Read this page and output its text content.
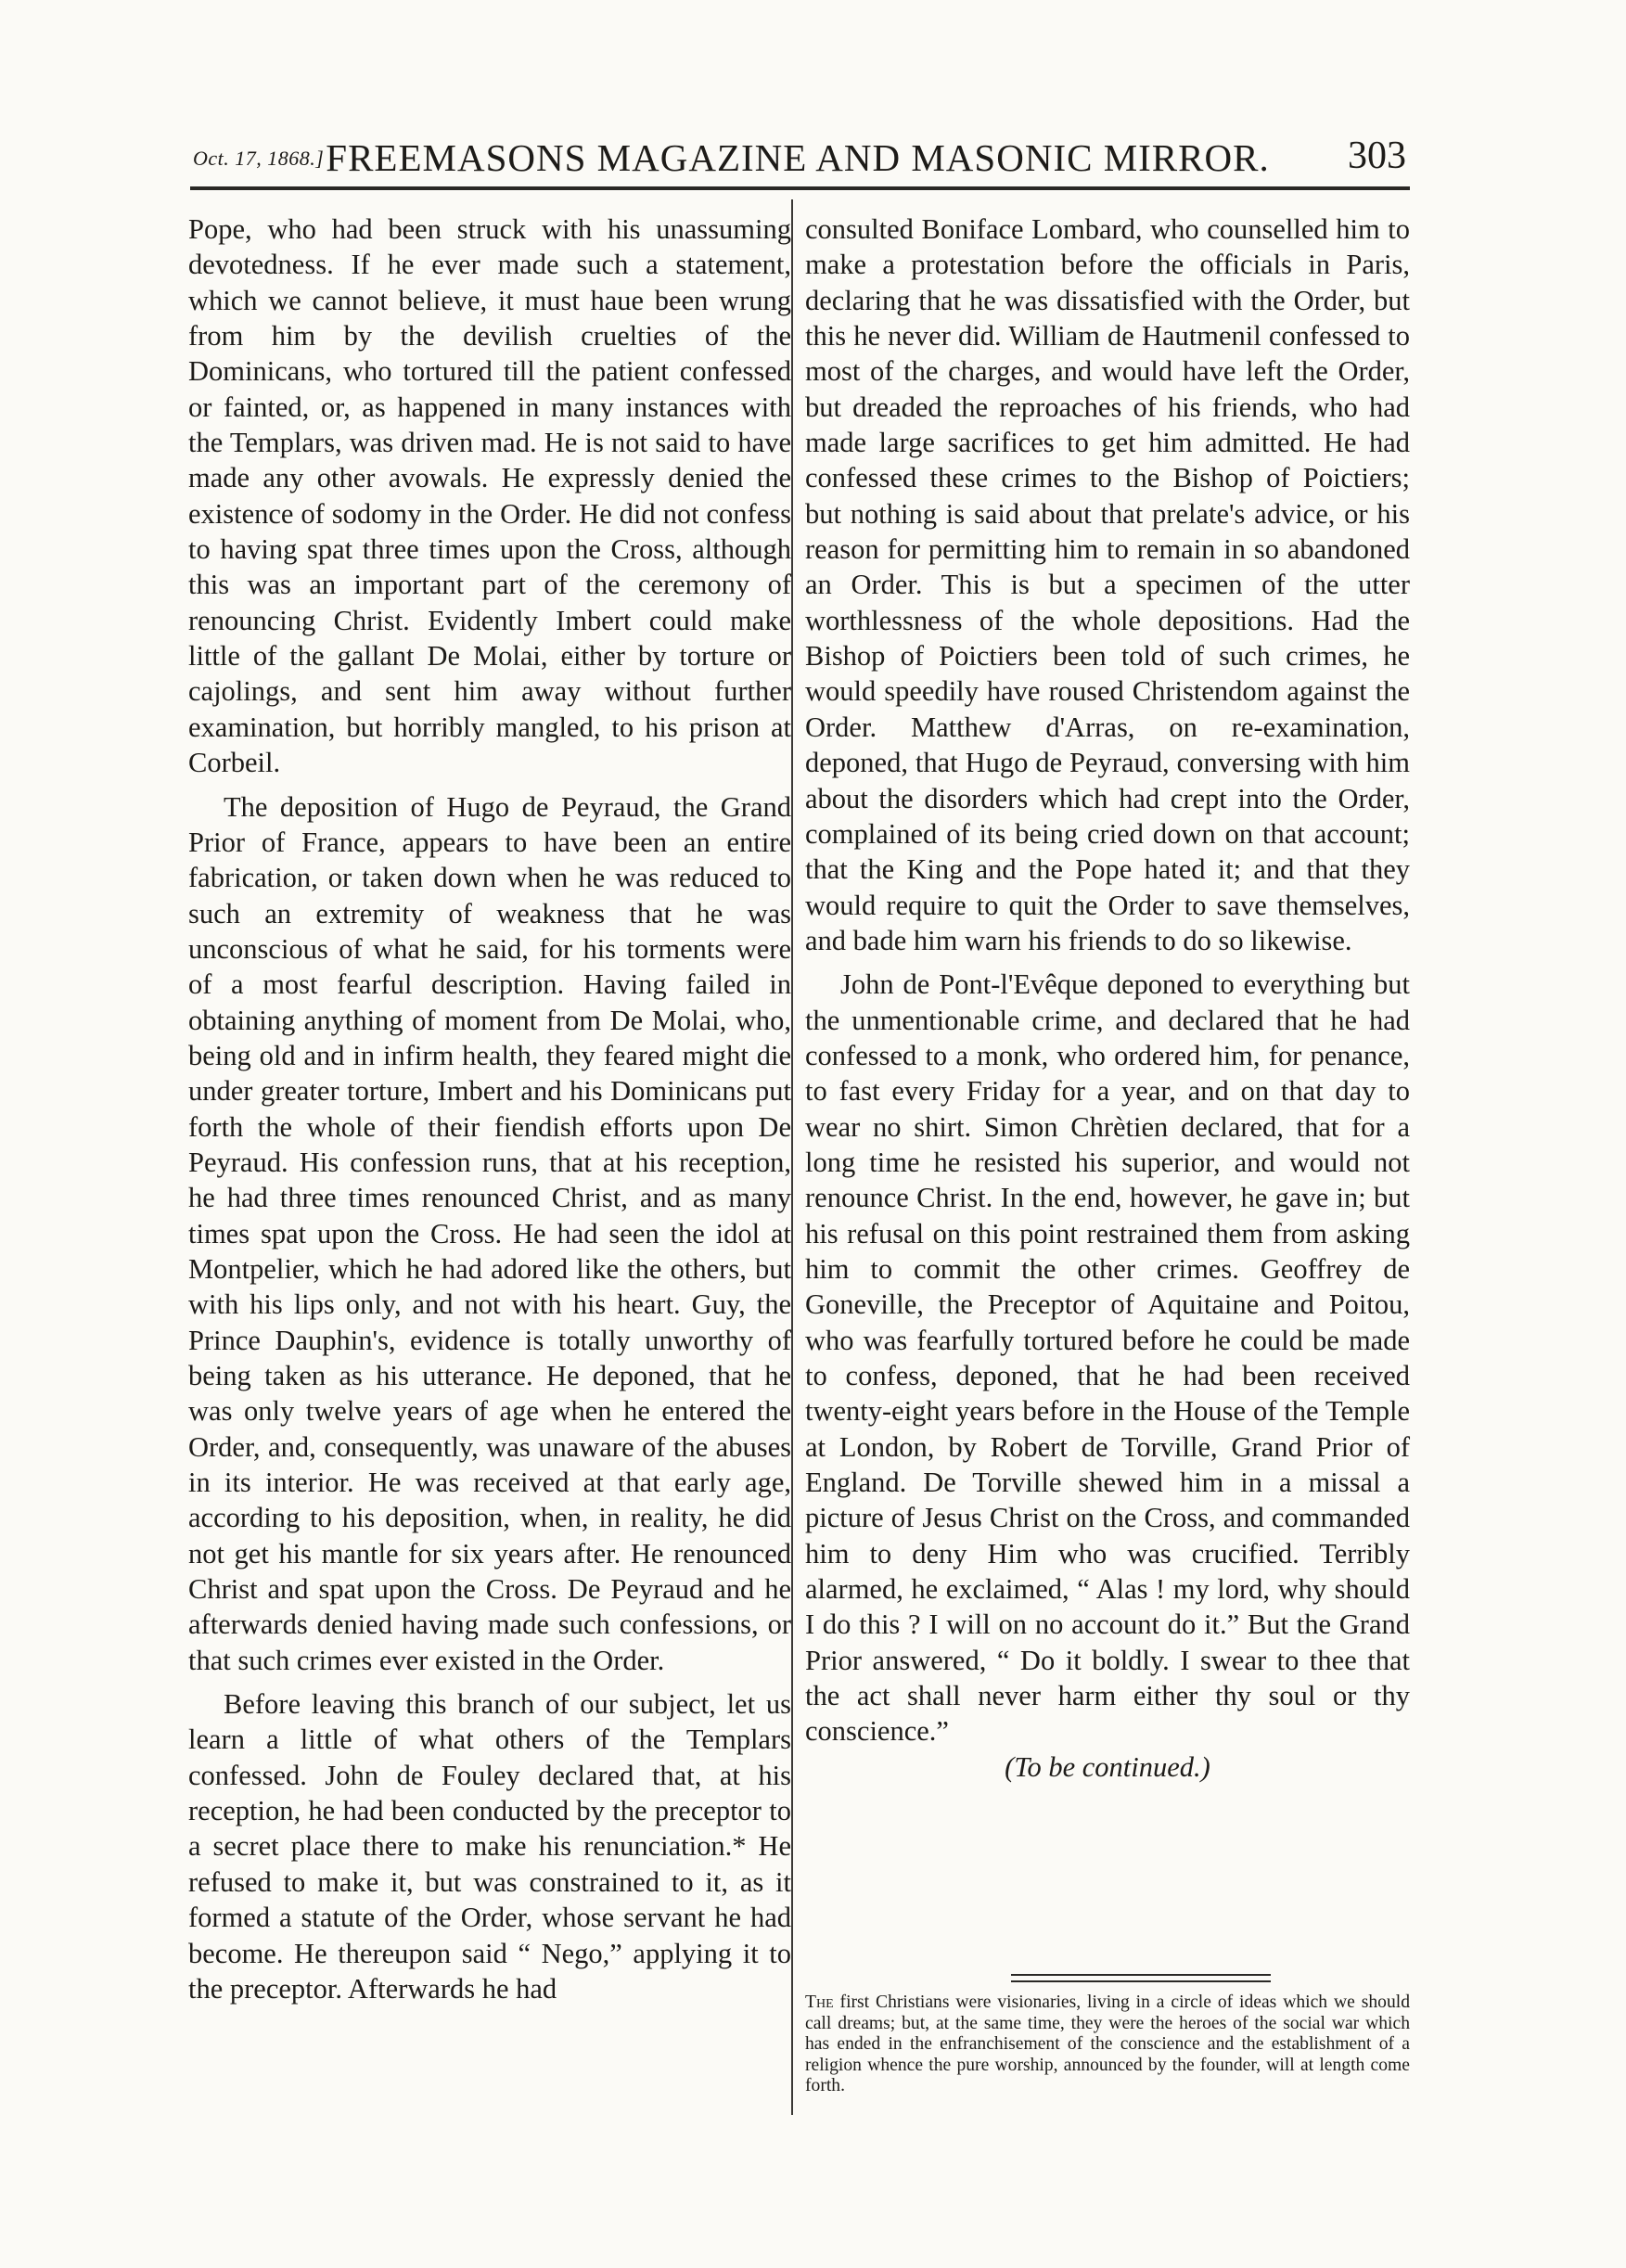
Oct. 17, 1868.] FREEMASONS MAGAZINE AND MASONIC MIRROR.	303

Pope, who had been struck with his unassuming devotedness. If he ever made such a statement, which we cannot believe, it must haue been wrung from him by the devilish cruelties of the Dominicans, who tortured till the patient confessed or fainted, or, as happened in many instances with the Templars, was driven mad. He is not said to have made any other avowals. He expressly denied the existence of sodomy in the Order. He did not confess to having spat three times upon the Cross, although this was an important part of the ceremony of renouncing Christ. Evidently Imbert could make little of the gallant De Molai, either by torture or cajolings, and sent him away without further examination, but horribly mangled, to his prison at Corbeil.

The deposition of Hugo de Peyraud, the Grand Prior of France, appears to have been an entire fabrication, or taken down when he was reduced to such an extremity of weakness that he was unconscious of what he said, for his torments were of a most fearful description. Having failed in obtaining anything of moment from De Molai, who, being old and in infirm health, they feared might die under greater torture, Imbert and his Dominicans put forth the whole of their fiendish efforts upon De Peyraud. His confession runs, that at his reception, he had three times renounced Christ, and as many times spat upon the Cross. He had seen the idol at Montpelier, which he had adored like the others, but with his lips only, and not with his heart. Guy, the Prince Dauphin's, evidence is totally unworthy of being taken as his utterance. He deponed, that he was only twelve years of age when he entered the Order, and, consequently, was unaware of the abuses in its interior. He was received at that early age, according to his deposition, when, in reality, he did not get his mantle for six years after. He renounced Christ and spat upon the Cross. De Peyraud and he afterwards denied having made such confessions, or that such crimes ever existed in the Order.

Before leaving this branch of our subject, let us learn a little of what others of the Templars confessed. John de Fouley declared that, at his reception, he had been conducted by the preceptor to a secret place there to make his renunciation.* He refused to make it, but was constrained to it, as it formed a statute of the Order, whose servant he had become. He thereupon said “ Nego,” applying it to the preceptor. Afterwards he had

consulted Boniface Lombard, who counselled him to make a protestation before the officials in Paris, declaring that he was dissatisfied with the Order, but this he never did. William de Hautmenil confessed to most of the charges, and would have left the Order, but dreaded the reproaches of his friends, who had made large sacrifices to get him admitted. He had confessed these crimes to the Bishop of Poictiers; but nothing is said about that prelate's advice, or his reason for permitting him to remain in so abandoned an Order. This is but a specimen of the utter worthlessness of the whole depositions. Had the Bishop of Poictiers been told of such crimes, he would speedily have roused Christendom against the Order. Matthew d'Arras, on re-examination, deponed, that Hugo de Peyraud, conversing with him about the disorders which had crept into the Order, complained of its being cried down on that account; that the King and the Pope hated it; and that they would require to quit the Order to save themselves, and bade him warn his friends to do so likewise.

John de Pont-l'Evêque deponed to everything but the unmentionable crime, and declared that he had confessed to a monk, who ordered him, for penance, to fast every Friday for a year, and on that day to wear no shirt. Simon Chrètien declared, that for a long time he resisted his superior, and would not renounce Christ. In the end, however, he gave in; but his refusal on this point restrained them from asking him to commit the other crimes. Geoffrey de Goneville, the Preceptor of Aquitaine and Poitou, who was fearfully tortured before he could be made to confess, deponed, that he had been received twenty-eight years before in the House of the Temple at London, by Robert de Torville, Grand Prior of England. De Torville shewed him in a missal a picture of Jesus Christ on the Cross, and commanded him to deny Him who was crucified. Terribly alarmed, he exclaimed, “ Alas ! my lord, why should I do this ? I will on no account do it.” But the Grand Prior answered, “ Do it boldly. I swear to thee that the act shall never harm either thy soul or thy conscience.”

(To be continued.)

The first Christians were visionaries, living in a circle of ideas which we should call dreams; but, at the same time, they were the heroes of the social war which has ended in the enfranchisement of the conscience and the establishment of a religion whence the pure worship, announced by the founder, will at length come forth.
